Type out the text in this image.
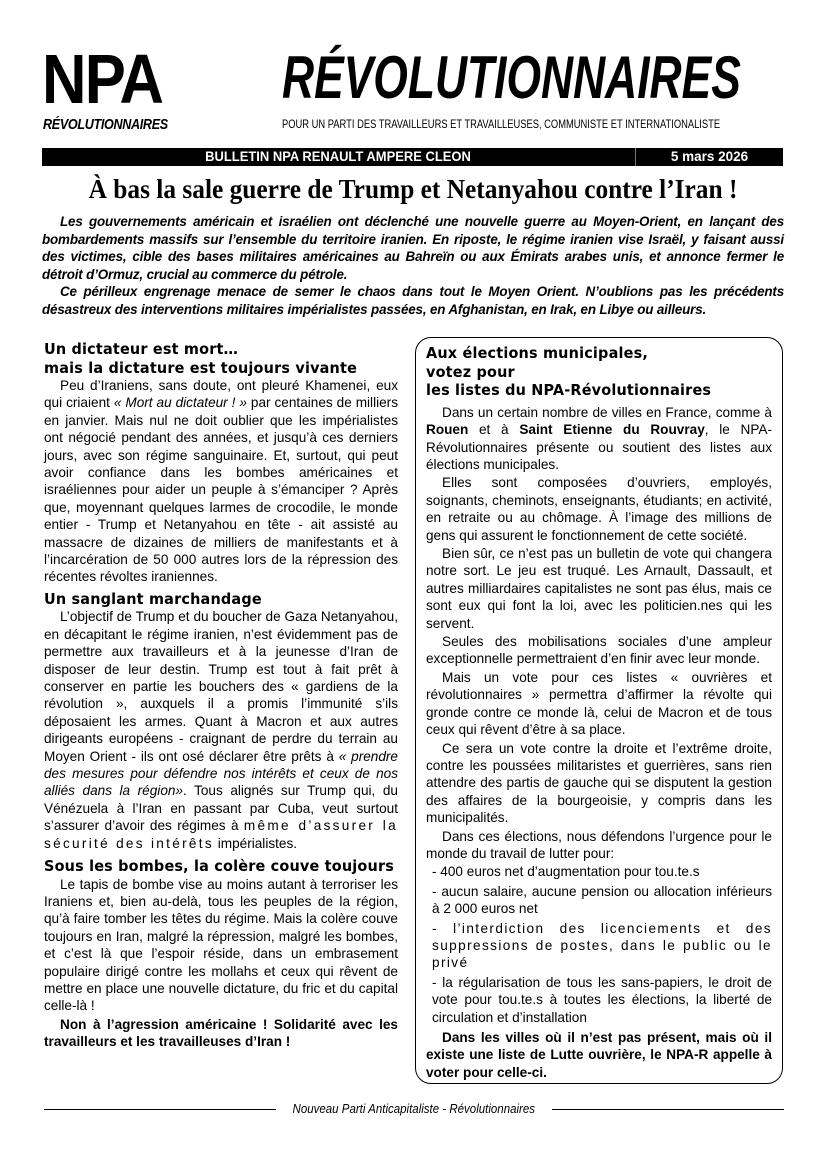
NPA
RÉVOLUTIONNAIRES
RÉVOLUTIONNAIRES
POUR UN PARTI DES TRAVAILLEURS ET TRAVAILLEUSES, COMMUNISTE ET INTERNATIONALISTE
BULLETIN NPA RENAULT AMPERE CLEON	5 mars 2026
À bas la sale guerre de Trump et Netanyahou contre l’Iran !

Les gouvernements américain et israélien ont déclenché une nouvelle guerre au Moyen-Orient, en lançant des bombardements massifs sur l’ensemble du territoire iranien. En riposte, le régime iranien vise Israël, y faisant aussi des victimes, cible des bases militaires américaines au Bahreïn ou aux Émirats arabes unis, et annonce fermer le détroit d’Ormuz, crucial au commerce du pétrole.

Ce périlleux engrenage menace de semer le chaos dans tout le Moyen Orient. N’oublions pas les précédents désastreux des interventions militaires impérialistes passées, en Afghanistan, en Irak, en Libye ou ailleurs.

Un dictateur est mort…
mais la dictature est toujours vivante

Peu d’Iraniens, sans doute, ont pleuré Khamenei, eux qui criaient « Mort au dictateur ! » par centaines de milliers en janvier. Mais nul ne doit oublier que les impérialistes ont négocié pendant des années, et jusqu’à ces derniers jours, avec son régime sanguinaire. Et, surtout, qui peut avoir confiance dans les bombes américaines et israéliennes pour aider un peuple à s’émanciper ? Après que, moyennant quelques larmes de crocodile, le monde entier - Trump et Netanyahou en tête - ait assisté au massacre de dizaines de milliers de manifestants et à l’incarcération de 50 000 autres lors de la répression des récentes révoltes iraniennes.

Un sanglant marchandage

L’objectif de Trump et du boucher de Gaza Netanyahou, en décapitant le régime iranien, n’est évidemment pas de permettre aux travailleurs et à la jeunesse d’Iran de disposer de leur destin. Trump est tout à fait prêt à conserver en partie les bouchers des « gardiens de la révolution », auxquels il a promis l’immunité s’ils déposaient les armes. Quant à Macron et aux autres dirigeants européens - craignant de perdre du terrain au Moyen Orient - ils ont osé déclarer être prêts à « prendre des mesures pour défendre nos intérêts et ceux de nos alliés dans la région». Tous alignés sur Trump qui, du Vénézuela à l’Iran en passant par Cuba, veut surtout s’assurer d’avoir des régimes à même d’assurer la sécurité des intérêts impérialistes.

Sous les bombes, la colère couve toujours

Le tapis de bombe vise au moins autant à terroriser les Iraniens et, bien au-delà, tous les peuples de la région, qu’à faire tomber les têtes du régime. Mais la colère couve toujours en Iran, malgré la répression, malgré les bombes, et c’est là que l’espoir réside, dans un embrasement populaire dirigé contre les mollahs et ceux qui rêvent de mettre en place une nouvelle dictature, du fric et du capital celle-là !

Non à l’agression américaine ! Solidarité avec les travailleurs et les travailleuses d’Iran !

Aux élections municipales,
votez pour
les listes du NPA-Révolutionnaires

Dans un certain nombre de villes en France, comme à Rouen et à Saint Etienne du Rouvray, le NPA-Révolutionnaires présente ou soutient des listes aux élections municipales.

Elles sont composées d’ouvriers, employés, soignants, cheminots, enseignants, étudiants; en activité, en retraite ou au chômage. À l’image des millions de gens qui assurent le fonctionnement de cette société.

Bien sûr, ce n’est pas un bulletin de vote qui changera notre sort. Le jeu est truqué. Les Arnault, Dassault, et autres milliardaires capitalistes ne sont pas élus, mais ce sont eux qui font la loi, avec les politicien.nes qui les servent.

Seules des mobilisations sociales d’une ampleur exceptionnelle permettraient d’en finir avec leur monde.

Mais un vote pour ces listes « ouvrières et révolutionnaires » permettra d’affirmer la révolte qui gronde contre ce monde là, celui de Macron et de tous ceux qui rêvent d’être à sa place.

Ce sera un vote contre la droite et l’extrême droite, contre les poussées militaristes et guerrières, sans rien attendre des partis de gauche qui se disputent la gestion des affaires de la bourgeoisie, y compris dans les municipalités.

Dans ces élections, nous défendons l’urgence pour le monde du travail de lutter pour:

- 400 euros net d’augmentation pour tou.te.s

- aucun salaire, aucune pension ou allocation inférieurs à 2 000 euros net

- l’interdiction des licenciements et des suppressions de postes, dans le public ou le privé

- la régularisation de tous les sans-papiers, le droit de vote pour tou.te.s à toutes les élections, la liberté de circulation et d’installation

Dans les villes où il n’est pas présent, mais où il existe une liste de Lutte ouvrière, le NPA-R appelle à voter pour celle-ci.

Nouveau Parti Anticapitaliste - Révolutionnaires
